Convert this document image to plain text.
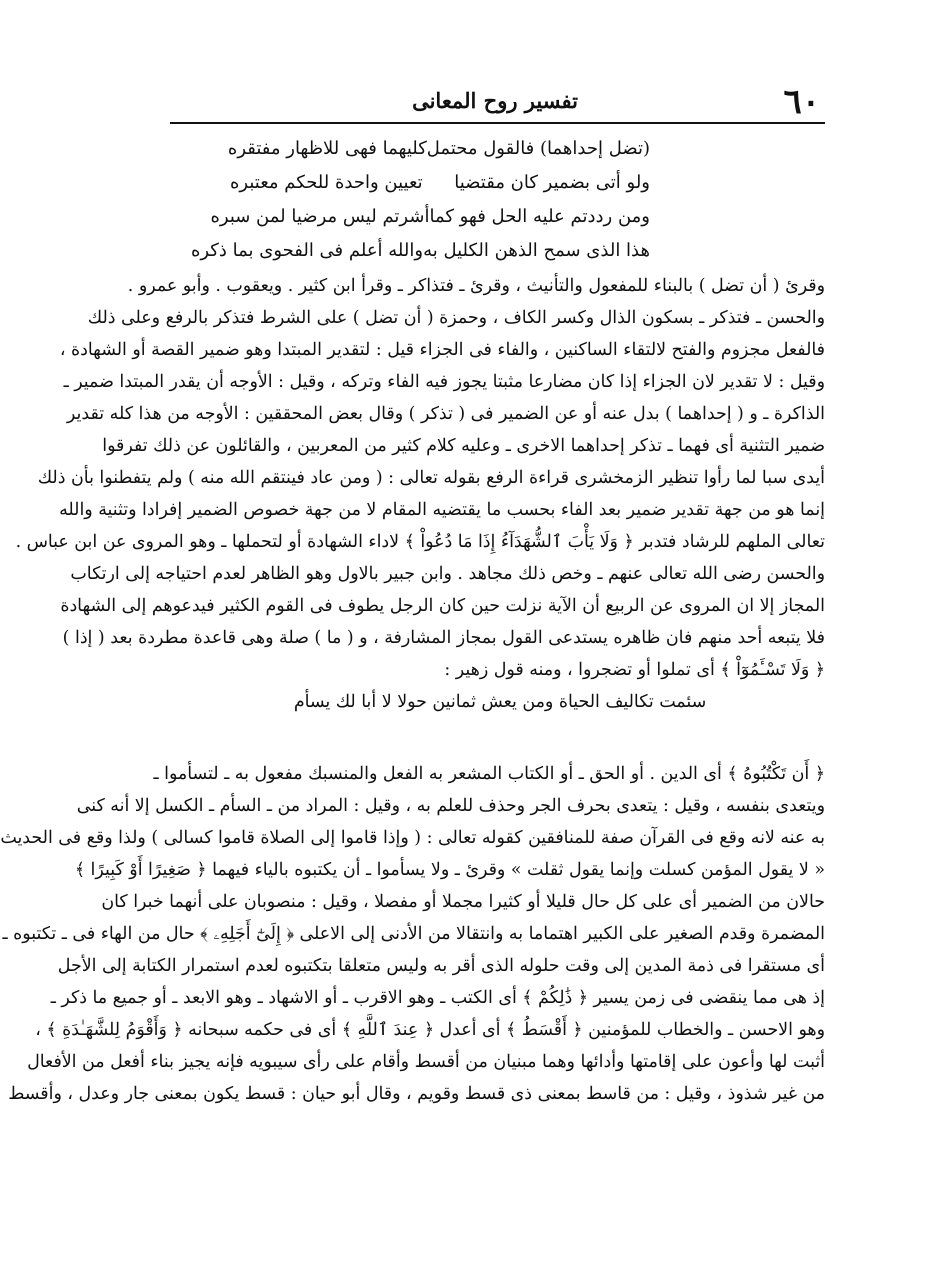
٦٠
تفسير روح المعانى
(تضل إحداهما) فالقول محتمل
كليهما فهى للاظهار مفتقره
ولو أتى بضمير كان مقتضيا
تعيين واحدة للحكم معتبره
ومن رددتم عليه الحل فهو كما
أشرتم ليس مرضيا لمن سبره
هذا الذى سمح الذهن الكليل به
والله أعلم فى الفحوى بما ذكره
وقرئ ( أن تضل ) بالبناء للمفعول والتأنيث ، وقرئ ـ فتذاكر ـ وقرأ ابن كثير . ويعقوب . وأبو عمرو .
والحسن ـ فتذكر ـ بسكون الذال وكسر الكاف ، وحمزة ( أن تضل ) على الشرط فتذكر بالرفع وعلى ذلك
فالفعل مجزوم والفتح لالتقاء الساكنين ، والفاء فى الجزاء قيل : لتقدير المبتدا وهو ضمير القصة أو الشهادة ،
وقيل : لا تقدير لان الجزاء إذا كان مضارعا مثبتا يجوز فيه الفاء وتركه ، وقيل : الأوجه أن يقدر المبتدا ضمير ـ
الذاكرة ـ و ( إحداهما ) بدل عنه أو عن الضمير فى ( تذكر ) وقال بعض المحققين : الأوجه من هذا كله تقدير
ضمير التثنية أى فهما ـ تذكر إحداهما الاخرى ـ وعليه كلام كثير من المعربين ، والقائلون عن ذلك تفرقوا
أيدى سبا لما رأوا تنظير الزمخشرى قراءة الرفع بقوله تعالى : ( ومن عاد فينتقم الله منه ) ولم يتفطنوا بأن ذلك
إنما هو من جهة تقدير ضمير بعد الفاء بحسب ما يقتضيه المقام لا من جهة خصوص الضمير إفرادا وتثنية والله
تعالى الملهم للرشاد فتدبر ﴿ وَلَا يَأْبَ ٱلشُّهَدَآءُ إِذَا مَا دُعُواْ ﴾ لاداء الشهادة أو لتحملها ـ وهو المروى عن ابن عباس .
والحسن رضى الله تعالى عنهم ـ وخص ذلك مجاهد . وابن جبير بالاول وهو الظاهر لعدم احتياجه إلى ارتكاب
المجاز إلا ان المروى عن الربيع أن الآية نزلت حين كان الرجل يطوف فى القوم الكثير فيدعوهم إلى الشهادة
فلا يتبعه أحد منهم فان ظاهره يستدعى القول بمجاز المشارفة ، و ( ما ) صلة وهى قاعدة مطردة بعد ( إذا )
﴿ وَلَا تَسْـَٔمُوٓاْ ﴾ أى تملوا أو تضجروا ، ومنه قول زهير :
سئمت تكاليف الحياة ومن يعش ثمانين حولا لا أبا لك يسأم
﴿ أَن تَكْتُبُوهُ ﴾ أى الدين . أو الحق ـ أو الكتاب المشعر به الفعل والمنسبك مفعول به ـ لتسأموا ـ
ويتعدى بنفسه ، وقيل : يتعدى بحرف الجر وحذف للعلم به ، وقيل : المراد من ـ السأم ـ الكسل إلا أنه كنى
به عنه لانه وقع فى القرآن صفة للمنافقين كقوله تعالى : ( وإذا قاموا إلى الصلاة قاموا كسالى ) ولذا وقع فى الحديث
« لا يقول المؤمن كسلت وإنما يقول ثقلت » وقرئ ـ ولا يسأموا ـ أن يكتبوه بالياء فيهما ﴿ صَغِيرًا أَوْ كَبِيرًا ﴾
حالان من الضمير أى على كل حال قليلا أو كثيرا مجملا أو مفصلا ، وقيل : منصوبان على أنهما خبرا كان
المضمرة وقدم الصغير على الكبير اهتماما به وانتقالا من الأدنى إلى الاعلى ﴿ إِلَىٰٓ أَجَلِهِۦ ﴾ حال من الهاء فى ـ تكتبوه ـ
أى مستقرا فى ذمة المدين إلى وقت حلوله الذى أقر به وليس متعلقا بتكتبوه لعدم استمرار الكتابة إلى الأجل
إذ هى مما ينقضى فى زمن يسير ﴿ ذَٰلِكُمْ ﴾ أى الكتب ـ وهو الاقرب ـ أو الاشهاد ـ وهو الابعد ـ أو جميع ما ذكر ـ
وهو الاحسن ـ والخطاب للمؤمنين ﴿ أَقْسَطُ ﴾ أى أعدل ﴿ عِندَ ٱللَّهِ ﴾ أى فى حكمه سبحانه ﴿ وَأَقْوَمُ لِلشَّهَـٰدَةِ ﴾ ،
أثبت لها وأعون على إقامتها وأدائها وهما مبنيان من أقسط وأقام على رأى سيبويه فإنه يجيز بناء أفعل من الأفعال
من غير شذوذ ، وقيل : من قاسط بمعنى ذى قسط وقويم ، وقال أبو حيان : قسط يكون بمعنى جار وعدل ، وأقسط
